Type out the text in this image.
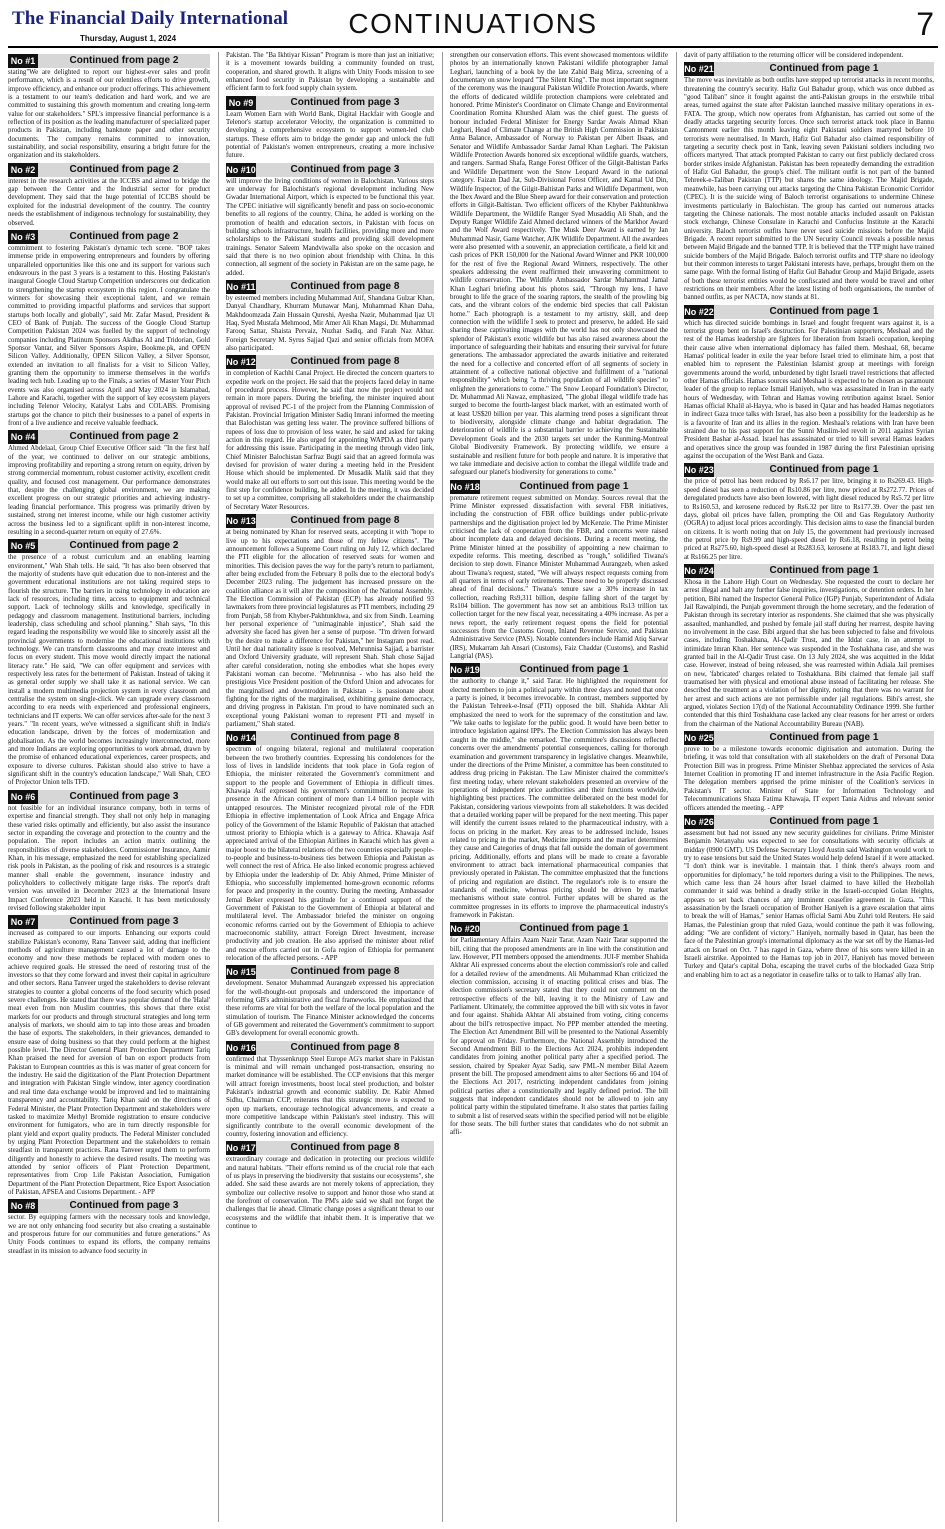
The Financial Daily International
Thursday, August 1, 2024	CONTINUATIONS	7
No #1	Continued from page 2

stating"We are delighted to report our highest-ever sales and profit performance, which is a result of our relentless efforts to drive growth, improve efficiency, and enhance our product offerings. This achievement is a testament to our team's dedication and hard work, and we are committed to sustaining this growth momentum and creating long-term value for our stakeholders." SPL's impressive financial performance is a reflection of its position as the leading manufacturer of specialized paper products in Pakistan, including banknote paper and other security documents. The company remains committed to innovation, sustainability, and social responsibility, ensuring a bright future for the organization and its stakeholders.

No #2	Continued from page 2

interest in the research activities at the ICCBS and aimed to bridge the gap between the Center and the Industrial sector for product development. They said that the huge potential of ICCBS should be exploited for the industrial development of the country. The country needs the establishment of indigenous technology for sustainability, they observed.

No #3	Continued from page 2

commitment to fostering Pakistan's dynamic tech scene. "BOP takes immense pride in empowering entrepreneurs and founders by offering unparalleled opportunities like this one and its support for various such endeavours in the past 3 years is a testament to this. Hosting Pakistan's inaugural Google Cloud Startup Competition underscores our dedication to strengthening the startup ecosystem in this region. I congratulate the winners for showcasing their exceptional talent, and we remain committed to providing impactful platforms and services that support startups both locally and globally", said Mr. Zafar Masud, President & CEO of Bank of Punjab. The success of the Google Cloud Startup Competition Pakistan 2024 was fuelled by the support of technology companies including Platinum Sponsors Akdhas AI and Tridorian, Gold Sponsor Vantar, and Silver Sponsors Aspire, Bookme.pk, and OPEN Silicon Valley. Additionally, OPEN Silicon Valley, a Silver Sponsor, extended an invitation to all finalists for a visit to Silicon Valley, granting them the opportunity to immerse themselves in the world's leading tech hub. Leading up to the Finals, a series of Master Your Pitch events was also organised across April and May 2024 in Islamabad, Lahore and Karachi, together with the support of key ecosystem players including Telenor Velocity, Katalyst Labs and COLABS. Promising startups got the chance to pitch their businesses to a panel of experts in front of a live audience and receive valuable feedback.

No #4	Continued from page 2

Ahmed Abdelaal, Group Chief Executive Officer said: "In the first half of the year, we continued to deliver on our strategic ambitions, improving profitability and reporting a strong return on equity, driven by strong commercial momentum, robust customer activity, excellent credit quality, and focused cost management. Our performance demonstrates that, despite the challenging global environment, we are making excellent progress on our strategic priorities and achieving industry-leading financial performance. This progress was primarily driven by sustained, strong net interest income, while our high customer activity across the business led to a significant uplift in non-interest income, resulting in a second-quarter return on equity of 27.6%.

No #5	Continued from page 2

the presence of a robust curriculum and an enabling learning environment," Wah Shah tells. He said, "It has also been observed that the majority of students have quit education due to non-interest and the government educational institutions are not taking required steps to flourish the structure. The barriers in using technology in education are lack of resources, including time, access to equipment and technical support. Lack of technology skills and knowledge, specifically in pedagogy and classroom management. Institutional barriers, including leadership, class scheduling and school planning." Shah says, "In this regard leading the responsibility we would like to sincerely assist all the provincial governments to modernise the educational institutions with technology. We can transform classrooms and may create interest and focus on every student. This move would directly impact the national literacy rate." He said, "We can offer equipment and services with respectively less rates for the betterment of Pakistan. Instead of taking it as general order supply we shall take it as national service. We can install a modern multimedia projection system in every classroom and centralise the system on single-click. We can upgrade every classroom according to era needs with experienced and professional engineers, technicians and IT experts. We can offer services after-sale for the next 3 years." "In recent years, we've witnessed a significant shift in India's education landscape, driven by the forces of modernization and globalisation. As the world becomes increasingly interconnected, more and more Indians are exploring opportunities to work abroad, drawn by the promise of enhanced educational experiences, career prospects, and exposure to diverse cultures. Pakistan should also strive to have a significant shift in the country's education landscape," Wali Shah, CEO of Projector Union tells TFD.

No #6	Continued from page 3

not feasible for an individual insurance company, both in terms of expertise and financial strength. They shall not only help in managing these varied risks optimally and efficiently, but also assist the insurance sector in expanding the coverage and protection to the country and the population. The report includes an action matrix outlining the responsibilities of diverse stakeholders. Commissioner Insurance, Aamir Khan, in his message, emphasized the need for establishing specialized risk pools in Pakistan, as the pooling of risk and resources is a strategic manner shall enable the government, insurance industry and policyholders to collectively mitigate large risks. The report's draft version was unveiled in December 2023 at the International Insure Impact Conference 2023 held in Karachi. It has been meticulously revised following stakeholder input

No #7	Continued from page 3

increased as compared to our imports. Enhancing our exports could stabilize Pakistan's economy, Rana Tanveer said, adding that inefficient methods of agriculture management caused a lot of damage to the economy and now these methods be replaced with modern ones to achieve required goals. He stressed the need of restoring trust of the investors so that they come forward and invest their capital in agriculture and other sectors. Rana Tanveer urged the stakeholders to devise relevant strategies to counter a global concerns of the food security which posed severe challenges. He stated that there was popular demand of the 'Halal' meat even from non Muslim countries, this shows that there exist markets for our products and through structural strategies and long term analysis of markets, we should aim to tap into those areas and broaden the base of exports. The stakeholders, in their grievances, demanded to ensure ease of doing business so that they could perform at the highest possible level. The Director General Plant Protection Department Tariq Khan praised the need for aversion of ban on export products from Pakistan to European countries as this is was matter of great concern for the industry. He said the digitization of the Plant Protection Department and integration with Pakistan Single window, inter agency coordination and real time data exchange would be improved and led to maintaining transparency and accountability. Tariq Khan said on the directions of Federal Minister, the Plant Protection Department and stakeholders were tasked to maximize Methyl Bromide registration to ensure conducive environment for fumigators, who are in turn directly responsible for plant yield and export quality products. The Federal Minister concluded by urging Plant Protection Department and the stakeholders to remain steadfast in transparent practices. Rana Tanveer urged them to perform diligently and honestly to achieve the desired results. The meeting was attended by senior officers of Plant Protection Department, representatives from Crop Life Pakistan Association, Fumigation Department of the Plant Protection Department, Rice Export Association of Pakistan, APSEA and Customs Department. - APP

No #8	Continued from page 3

sector. By equipping farmers with the necessary tools and knowledge, we are not only enhancing food security but also creating a sustainable and prosperous future for our communities and future generations." As Unity Foods continues to expand its efforts, the company remains steadfast in its mission to advance food security in

Pakistan. The "Ba Ikhtiyar Kissan" Program is more than just an initiative; it is a movement towards building a community founded on trust, cooperation, and shared growth. It aligns with Unity Foods mission to see enhanced food security in Pakistan by developing a sustainable and efficient farm to fork food supply chain system.

No #9	Continued from page 3

Learn Women Earn with World Bank, Digital Hackfair with Google and Telenor's startup accelerator Velocity, the organization is committed to developing a comprehensive ecosystem to support women-led club startups. These efforts aim to bridge the gender gap and unlock the full potential of Pakistan's women entrepreneurs, creating a more inclusive future.

No #10	Continued from page 3

will improve the living conditions of women in Balochistan. Various steps are underway for Balochistan's regional development including New Gwadar International Airport, which is expected to be functional this year. The CPEC initiative will significantly benefit and pass on socio-economic benefits to all regions of the country. China, he added is working on the promotion of health and education sectors, in Pakistan with focus on building schools infrastructure, health facilities, providing more and more scholarships to the Pakistani students and providing skill development trainings. Senator Saleem Mandviwalla also spoke on the occasion and said that there is no two opinion about friendship with China. In this connection, all segment of the society in Pakistan are on the same page, he added.

No #11	Continued from page 8

by esteemed members including Muhammad Atif, Shandana Gulzar Khan, Danyal Chaudhary, Khurram Munawar Manj, Muhammad Khan Daha, Makhdoomzada Zain Hussain Qureshi, Ayesha Nazir, Muhammad Ijaz Ul Haq, Syed Mustafa Mehmood, Mir Amer Ali Khan Magsi, Dr. Muhammad Farooq Sattar, Shaista Pervaiz, Nuzhat Sadiq, and Farah Naz Akbar. Foreign Secretary M. Syrus Sajjad Qazi and senior officials from MOFA also participated.

No #12	Continued from page 8

in completion of Kachhi Canal Project. He directed the concern quarters to expedite work on the project. He said that the projects faced delay in name of procedural process. However, he said that now the project would not remain in more papers. During the briefing, the minister inquired about approval of revised PC-1 of the project from the Planning Commission of Pakistan. Provincial Irrigation Minister Sadiq Imrani informed the meeting that Balochistan was getting less water. The province suffered billions of rupees of loss due to provision of less water, he said and asked for taking action in this regard. He also urged for appointing WAPDA as third party for addressing this issue. Participating in the meeting through video link, Chief Minister Balochistan Sarfraz Bugti said that an agreed formula was devised for provision of water during a meeting held in the President House which should be implemented. Dr Musadik Malik said that they would make all out efforts to sort out this issue. This meeting would be the first step for confidence building, he added. In the meeting, it was decided to set up a committee, comprising all stakeholders under the chairmanship of Secretary Water Resources.

No #13	Continued from page 8

at being nominated by Khan for reserved seats, accepting it with "hope to live up to his expectations and those of my fellow citizens". The announcement follows a Supreme Court ruling on July 12, which declared the PTI eligible for the allocation of reserved seats for women and minorities. This decision paves the way for the party's return to parliament, after being excluded from the February 8 polls due to the electoral body's December 2023 ruling. The judgement has increased pressure on the coalition alliance as it will alter the composition of the National Assembly. The Election Commission of Pakistan (ECP) has already notified 93 lawmakers from three provincial legislatures as PTI members, including 29 from Punjab, 58 from Khyber-Pakhtunkhwa, and six from Sindh. Learning her personal experience of "unimaginable injustice", Shah said the adversity she faced has given her a sense of purpose. "I'm driven forward by the desire to make a difference for Pakistan," her Instagram post read. Until her dual nationality issue is resolved, Mehrunnisa Sajjad, a barrister and Oxford University graduate, will represent Shah. Shah chose Sajjad after careful consideration, noting she embodies what she hopes every Pakistani woman can become. "Mehrunnisa - who has also held the prestigious Vice President position of the Oxford Union and advocates for the marginalised and downtrodden in Pakistan - is passionate about fighting for the rights of the marginalised, exhibiting genuine democracy, and driving progress in Pakistan. I'm proud to have nominated such an exceptional young Pakistani woman to represent PTI and myself in parliament," Shah stated.

No #14	Continued from page 8

spectrum of ongoing bilateral, regional and multilateral cooperation between the two brotherly countries. Expressing his condolences for the loss of lives in landslide incidents that took place in Gofa region of Ethiopia, the minister reiterated the Government's commitment and support to the people and Government of Ethiopia in difficult times. Khawaja Asif expressed his government's commitment to increase its presence in the African continent of more than 1.4 billion people with untapped resources. The Minister recognized pivotal role of the FDR Ethiopia in effective implementation of Look Africa and Engage Africa policy of the Government of the Islamic Republic of Pakistan that attached utmost priority to Ethiopia which is a gateway to Africa. Khawaja Asif appreciated arrival of the Ethiopian Airlines in Karachi which has given a major boost to the bilateral relations of the two countries especially people-to-people and business-to-business ties between Ethiopia and Pakistan as well connect the rest of Africa. He also linked economic progress achieved by Ethiopia under the leadership of Dr. Abiy Ahmed, Prime Minister of Ethiopia, who successfully implemented home-grown economic reforms for peace and prosperity in the country. During the meeting, Ambassador Jemal Beker expressed his gratitude for a continued support of the Government of Pakistan to the Government of Ethiopia at bilateral and multilateral level. The Ambassador briefed the minister on ongoing economic reforms carried out by the Government of Ethiopia to achieve macroeconomic stability, attract Foreign Direct Investment, increase productivity and job creation. He also apprised the minister about relief and rescue efforts carried out in Gofa region of Ethiopia for permanent relocation of the affected persons. - APP

No #15	Continued from page 8

development. Senator Muhammad Aurangzeb expressed his appreciation for the well-thought-out proposals and underscored the importance of reforming GB's administrative and fiscal frameworks. He emphasized that these reforms are vital for both the welfare of the local population and the stimulation of tourism. The Finance Minister acknowledged the concerns of GB government and reiterated the Government's commitment to support GB's development for overall economic growth.

No #16	Continued from page 8

confirmed that Thyssenkrupp Steel Europe AG's market share in Pakistan is minimal and will remain unchanged post-transaction, ensuring no market dominance will be established. The CCP envisions that this merger will attract foreign investments, boost local steel production, and bolster Pakistan's industrial growth and economic stability. Dr. Kabir Ahmed Sidhu, Chairman CCP, reiterates that this strategic move is expected to open up markets, encourage technological advancements, and create a more competitive landscape within Pakistan's steel industry. This will significantly contribute to the overall economic development of the country, fostering innovation and efficiency.

No #17	Continued from page 8

extraordinary courage and dedication in protecting our precious wildlife and natural habitats. "Their efforts remind us of the crucial role that each of us plays in preserving the biodiversity that sustains our ecosystems", she added. She said these awards are not merely tokens of appreciation, they symbolize our collective resolve to support and honor those who stand at the forefront of conservation. The PM's aide said we shall not forget the challenges that lie ahead. Climatic change poses a significant threat to our ecosystems and the wildlife that inhabit them. It is imperative that we continue to

strengthen our conservation efforts. This event showcased momentous wildlife photos by an internationally known Pakistani wildlife photographer Jamal Leghari, launching of a book by the late Zahid Baig Mirza, screening of a documentary on snow leopard "The Silent King". The most important segment of the ceremony was the inaugural Pakistan Wildlife Protection Awards, where the efforts of dedicated wildlife protection champions were celebrated and honored. Prime Minister's Coordinator on Climate Change and Environmental Coordination Romina Khurshed Alam was the chief guest. The guests of honour included Federal Minister for Energy Sardar Awais Ahmad Khan Leghari, Head of Climate Change at the British High Commission in Pakistan Anna Balance, Ambassador of Norway to Pakistan per Albert Ilsaas, and Senator and Wildlife Ambassador Sardar Jamal Khan Leghari. The Pakistan Wildlife Protection Awards honored six exceptional wildlife guards, watchers, and rangers. Sarmad Shafa, Range Forest Officer of the Gilgit-Baltistan Parks and Wildlife Department won the Snow Leopard Award in the national category. Faizan Dad Jat, Sub-Divisional Forest Officer, and Kamal Ud Din, Wildlife Inspector, of the Gilgit-Baltistan Parks and Wildlife Department, won the Ibex Award and the Blue Sheep award for their conservation and protection efforts in Gilgit-Baltistan. Two efficient officers of the Khyber Pakhtunkhwa Wildlife Department, the Wildlife Ranger Syed Musaddiq Ali Shah, and the Deputy Ranger Wildlife Zaid Ahmed declared winners of the Markhor Award and the Wolf Award respectively. The Musk Deer Award is earned by Jan Muhammad Nasir, Game Watcher, AJK Wildlife Department. All the awardees were also presented with a souvenir, an appreciation certificate, a field kit and cash prices of PKR 150,000 for the National Award Winner and PKR 100,000 for the rest of five the Regional Award Winners, respectively. The other speakers addressing the event reaffirmed their unwavering commitment to wildlife conservation. The Wildlife Ambassador Sardar Muhammad Jamal Khan Leghari briefing about his photos said, "Through my lens, I have brought to life the grace of the soaring raptors, the stealth of the prowling big cats, and the vibrant colors of the endemic bird species that call Pakistan home." Each photograph is a testament to my artistry, skill, and deep connection with the wildlife I seek to protect and preserve, he added. He said sharing these captivating images with the world has not only showcased the splendor of Pakistan's exotic wildlife but has also raised awareness about the importance of safeguarding their habitats and ensuring their survival for future generations. The ambassador appreciated the awards initiative and reiterated the need for a collective and concerted effort of all segments of society in attainment of a collective national objective and fulfillment of a "national responsibility" which being "a thriving population of all wildlife species" to enlighten the generations to come." The Snow Leopard Foundation's Director, Dr. Muhammad Ali Nawaz, emphasized, "The global illegal wildlife trade has surged to become the fourth-largest black market, with an estimated worth of at least US$20 billion per year. This alarming trend poses a significant threat to biodiversity, alongside climate change and habitat degradation. The deterioration of wildlife is a substantial barrier to achieving the Sustainable Development Goals and the 2030 targets set under the Kunming-Montreal Global Biodiversity Framework. By protecting wildlife, we ensure a sustainable and resilient future for both people and nature. It is imperative that we take immediate and decisive action to combat the illegal wildlife trade and safeguard our planet's biodiversity for generations to come."

No #18	Continued from page 1

premature retirement request submitted on Monday. Sources reveal that the Prime Minister expressed dissatisfaction with several FBR initiatives, including the construction of FBR office buildings under public-private partnerships and the digitisation project led by McKenzie. The Prime Minister criticised the lack of cooperation from the FBR, and concerns were raised about incomplete data and delayed decisions. During a recent meeting, the Prime Minister hinted at the possibility of appointing a new chairman to expedite reforms. This meeting, described as "rough," solidified Tiwana's decision to step down. Finance Minister Muhammad Aurangzeb, when asked about Tiwana's request, stated, "We will always respect requests coming from all quarters in terms of early retirements. These need to be properly discussed ahead of final decisions." Tiwana's tenure saw a 30% increase in tax collection, reaching Rs9,311 billion, despite falling short of the target by Rs104 billion. The government has now set an ambitious Rs13 trillion tax collection target for the new fiscal year, necessitating a 40% increase. As per a news report, the early retirement request opens the field for potential successors from the Customs Group, Inland Revenue Service, and Pakistan Administrative Service (PAS). Notable contenders include Hamid Atiq Sarwar (IRS), Mukarram Jah Ansari (Customs), Faiz Chaddar (Customs), and Rashid Langrial (PAS).

No #19	Continued from page 1

the authority to change it," said Tarar. He highlighted the requirement for elected members to join a political party within three days and noted that once a party is joined, it becomes irrevocable. In contrast, members supported by the Pakistan Tehreek-e-Insaf (PTI) opposed the bill. Shahida Akhtar Ali emphasized the need to work for the supremacy of the constitution and law. "We take oaths to legislate for the public good. It would have been better to introduce legislation against IPPs. The Election Commission has always been caught in the middle," she remarked. The committee's discussions reflected concerns over the amendments' potential consequences, calling for thorough examination and government transparency in legislative changes. Meanwhile, under the directions of the Prime Minister, a committee has been constituted to address drug pricing in Pakistan. The Law Minister chaired the committee's first meeting today, where relevant stakeholders presented an overview of the operations of independent price authorities and their functions worldwide, highlighting best practices. The committee deliberated on the best model for Pakistan, considering various viewpoints from all stakeholders. It was decided that a detailed working paper will be prepared for the next meeting. This paper will identify the current issues related to the pharmaceutical industry, with a focus on pricing in the market. Key areas to be addressed include, Issues related to pricing in the market, Medicine imports and the market determines they cause and Categories of drugs that fall outside the domain of government pricing. Additionally, efforts and plans will be made to create a favorable environment to attract back international pharmaceutical companies that previously operated in Pakistan. The committee emphasized that the functions of pricing and regulation are distinct. The regulator's role is to ensure the standards of medicine, whereas pricing should be driven by market mechanisms without state control. Further updates will be shared as the committee progresses in its efforts to improve the pharmaceutical industry's framework in Pakistan.

No #20	Continued from page 1

for Parliamentary Affairs Azam Nazir Tarar. Azam Nazir Tarar supported the bill, citing that the proposed amendments are in line with the constitution and law. However, PTI members opposed the amendments. JUI-F member Shahida Akhtar Ali expressed concerns about the election commission's role and called for a detailed review of the amendments. Ali Muhammad Khan criticized the election commission, accusing it of enacting political crises and bias. The election commission's secretary stated that they could not comment on the retrospective effects of the bill, leaving it to the Ministry of Law and Parliament. Ultimately, the committee approved the bill with six votes in favor and four against. Shahida Akhtar Ali abstained from voting, citing concerns about the bill's retrospective impact. No PPP member attended the meeting. The Election Act Amendment Bill will be presented to the National Assembly for approval on Friday. Furthermore, the National Assembly introduced the Second Amendment Bill to the Elections Act 2024, prohibits independent candidates from joining another political party after a specified period. The session, chaired by Speaker Ayaz Sadiq, saw PML-N member Bilal Azeem present the bill. The proposed amendment aims to alter Sections 66 and 104 of the Elections Act 2017, restricting independent candidates from joining political parties after a constitutionally and legally defined period. The bill suggests that independent candidates should not be allowed to join any political party within the stipulated timeframe. It also states that parties failing to submit a list of reserved seats within the specified period will not be eligible for those seats. The bill further states that candidates who do not submit an affi-

davit of party affiliation to the returning officer will be considered independent.

No #21	Continued from page 1

The move was inevitable as both outfits have stepped up terrorist attacks in recent months, threatening the country's security. Hafiz Gul Bahadur group, which was once dubbed as "good Taliban" since it fought against the anti-Pakistan groups in the erstwhile tribal areas, turned against the state after Pakistan launched massive military operations in ex-FATA. The group, which now operates from Afghanistan, has carried out some of the deadly attacks targeting security forces. Once such terrorist attack took place in Bannu Cantonment earlier this month leaving eight Pakistani soldiers martyred before 10 terrorists were neutralised. In March, Hafiz Gul Bahadur also claimed responsibility of targeting a security check post in Tank, leaving seven Pakistani soldiers including two officers martyred. That attack prompted Pakistan to carry out first publicly declared cross border strikes inside Afghanistan. Pakistan has been repeatedly demanding the extradition of Hafiz Gul Bahadur, the group's chief. The militant outfit is not part of the banned Tehreek-e-Taliban Pakistan (TTP) but shares the same ideology. The Majid Brigade, meanwhile, has been carrying out attacks targeting the China Pakistan Economic Corridor (CPEC). It is the suicide wing of Baloch terrorist organisations to undermine Chinese investments particularly in Balochistan. The group has carried out numerous attacks targeting the Chinese nationals. The most notable attacks included assault on Pakistan stock exchange, Chinese Consulate in Karachi and Confucius Institute at the Karachi university. Baloch terrorist outfits have never used suicide missions before the Majid Brigade. A recent report submitted to the UN Security Council reveals a possible nexus between Majid Brigade and the banned TTP. It is believed that the TTP might have trained suicide bombers of the Majid Brigade. Baloch terrorist outfits and TTP share no ideology but their common interests to target Pakistani interests have, perhaps, brought them on the same page. With the formal listing of Hafiz Gul Bahadur Group and Majid Brigade, assets of both these terrorist entities would be confiscated and there would be travel and other restrictions on their members. After the latest listing of both organisations, the number of banned outfits, as per NACTA, now stands at 81.

No #22	Continued from page 1

which has directed suicide bombings in Israel and fought frequent wars against it, is a terrorist group bent on Israel's destruction. For Palestinian supporters, Meshaal and the rest of the Hamas leadership are fighters for liberation from Israeli occupation, keeping their cause alive when international diplomacy has failed them. Meshaal, 68, became Hamas' political leader in exile the year before Israel tried to eliminate him, a post that enabled him to represent the Palestinian Islamist group at meetings with foreign governments around the world, unburdened by tight Israeli travel restrictions that affected other Hamas officials. Hamas sources said Meshaal is expected to be chosen as paramount leader of the group to replace Ismail Haniyeh, who was assassinated in Iran in the early hours of Wednesday, with Tehran and Hamas vowing retribution against Israel. Senior Hamas official Khalil al-Hayya, who is based in Qatar and has headed Hamas negotiators in indirect Gaza truce talks with Israel, has also been a possibility for the leadership as he is a favourite of Iran and its allies in the region. Meshaal's relations with Iran have been strained due to his past support for the Sunni Muslim-led revolt in 2011 against Syrian President Bashar al-Assad. Israel has assassinated or tried to kill several Hamas leaders and operatives since the group was founded in 1987 during the first Palestinian uprising against the occupation of the West Bank and Gaza.

No #23	Continued from page 1

the price of petrol has been reduced by Rs6.17 per litre, bringing it to Rs269.43. High-speed diesel has seen a reduction of Rs10.86 per litre, now priced at Rs272.77. Prices of deregulated products have also been lowered, with light diesel reduced by Rs5.72 per litre to Rs160.53, and kerosene reduced by Rs6.32 per litre to Rs177.39. Over the past ten days, global oil prices have fallen, prompting the Oil and Gas Regulatory Authority (OGRA) to adjust local prices accordingly. This decision aims to ease the financial burden on citizens. It is worth noting that on July 15, the government had previously increased the petrol price by Rs9.99 and high-speed diesel by Rs6.18, resulting in petrol being priced at Rs275.60, high-speed diesel at Rs283.63, kerosene at Rs183.71, and light diesel at Rs166.25 per litre.

No #24	Continued from page 1

Khosa in the Lahore High Court on Wednesday. She requested the court to declare her arrest illegal and halt any further false inquiries, investigations, or detention orders. In her petition, Bibi named the Inspector General Police (IGP) Punjab, Superintendent of Adiala Jail Rawalpindi, the Punjab government through the home secretary, and the federation of Pakistan through its secretary interior as respondents. She claimed that she was physically assaulted, manhandled, and pushed by female jail staff during her rearrest, despite having no involvement in the case. Bibi argued that she has been subjected to false and frivolous cases, including Toshakhana, Al-Qadir Trust, and the Iddat case, in an attempt to intimidate Imran Khan. Her sentence was suspended in the Toshakhana case, and she was granted bail in the Al-Qadir Trust case. On 13 July 2024, she was acquitted in the Iddat case. However, instead of being released, she was rearrested within Adiala Jail premises on new, 'fabricated' charges related to Toshakhana. Bibi claimed that female jail staff traumatised her with physical and emotional abuse instead of facilitating her release. She described the treatment as a violation of her dignity, noting that there was no warrant for her arrest and such actions are not permissible under jail regulations. Bibi's arrest, she argued, violates Section 17(d) of the National Accountability Ordinance 1999. She further contended that this third Toshakhana case lacked any clear reasons for her arrest or orders from the chairman of the National Accountability Bureau (NAB).

No #25	Continued from page 1

prove to be a milestone towards economic digitisation and automation. During the briefing, it was told that consultation with all stakeholders on the draft of Personal Data Protection Bill was in progress. Prime Minister Shehbaz appreciated the services of Asia Internet Coalition in promoting IT and internet infrastructure in the Asia Pacific Region. The delegation members apprised the prime minister of the Coalition's services in Pakistan's IT sector. Minister of State for Information Technology and Telecommunications Shaza Fatima Khawaja, IT expert Tania Aidrus and relevant senior officers attended the meeting. - APP

No #26	Continued from page 1

assessment but had not issued any new security guidelines for civilians. Prime Minister Benjamin Netanyahu was expected to see for consultations with security officials at midday (0900 GMT). US Defense Secretary Lloyd Austin said Washington would work to try to ease tensions but said the United States would help defend Israel if it were attacked. "I don't think war is inevitable. I maintain that. I think there's always room and opportunities for diplomacy," he told reporters during a visit to the Philippines. The news, which came less than 24 hours after Israel claimed to have killed the Hezbollah commander it said was behind a deadly strike in the Israeli-occupied Golan Heights, appears to set back chances of any imminent ceasefire agreement in Gaza. "This assassination by the Israeli occupation of Brother Haniyeh is a grave escalation that aims to break the will of Hamas," senior Hamas official Sami Abu Zuhri told Reuters. He said Hamas, the Palestinian group that ruled Gaza, would continue the path it was following, adding: "We are confident of victory." Haniyeh, normally based in Qatar, has been the face of the Palestinian group's international diplomacy as the war set off by the Hamas-led attack on Israel on Oct. 7 has raged in Gaza, where three of his sons were killed in an Israeli airstrike. Appointed to the Hamas top job in 2017, Haniyeh has moved between Turkey and Qatar's capital Doha, escaping the travel curbs of the blockaded Gaza Strip and enabling him to act as a negotiator in ceasefire talks or to talk to Hamas' ally Iran.
